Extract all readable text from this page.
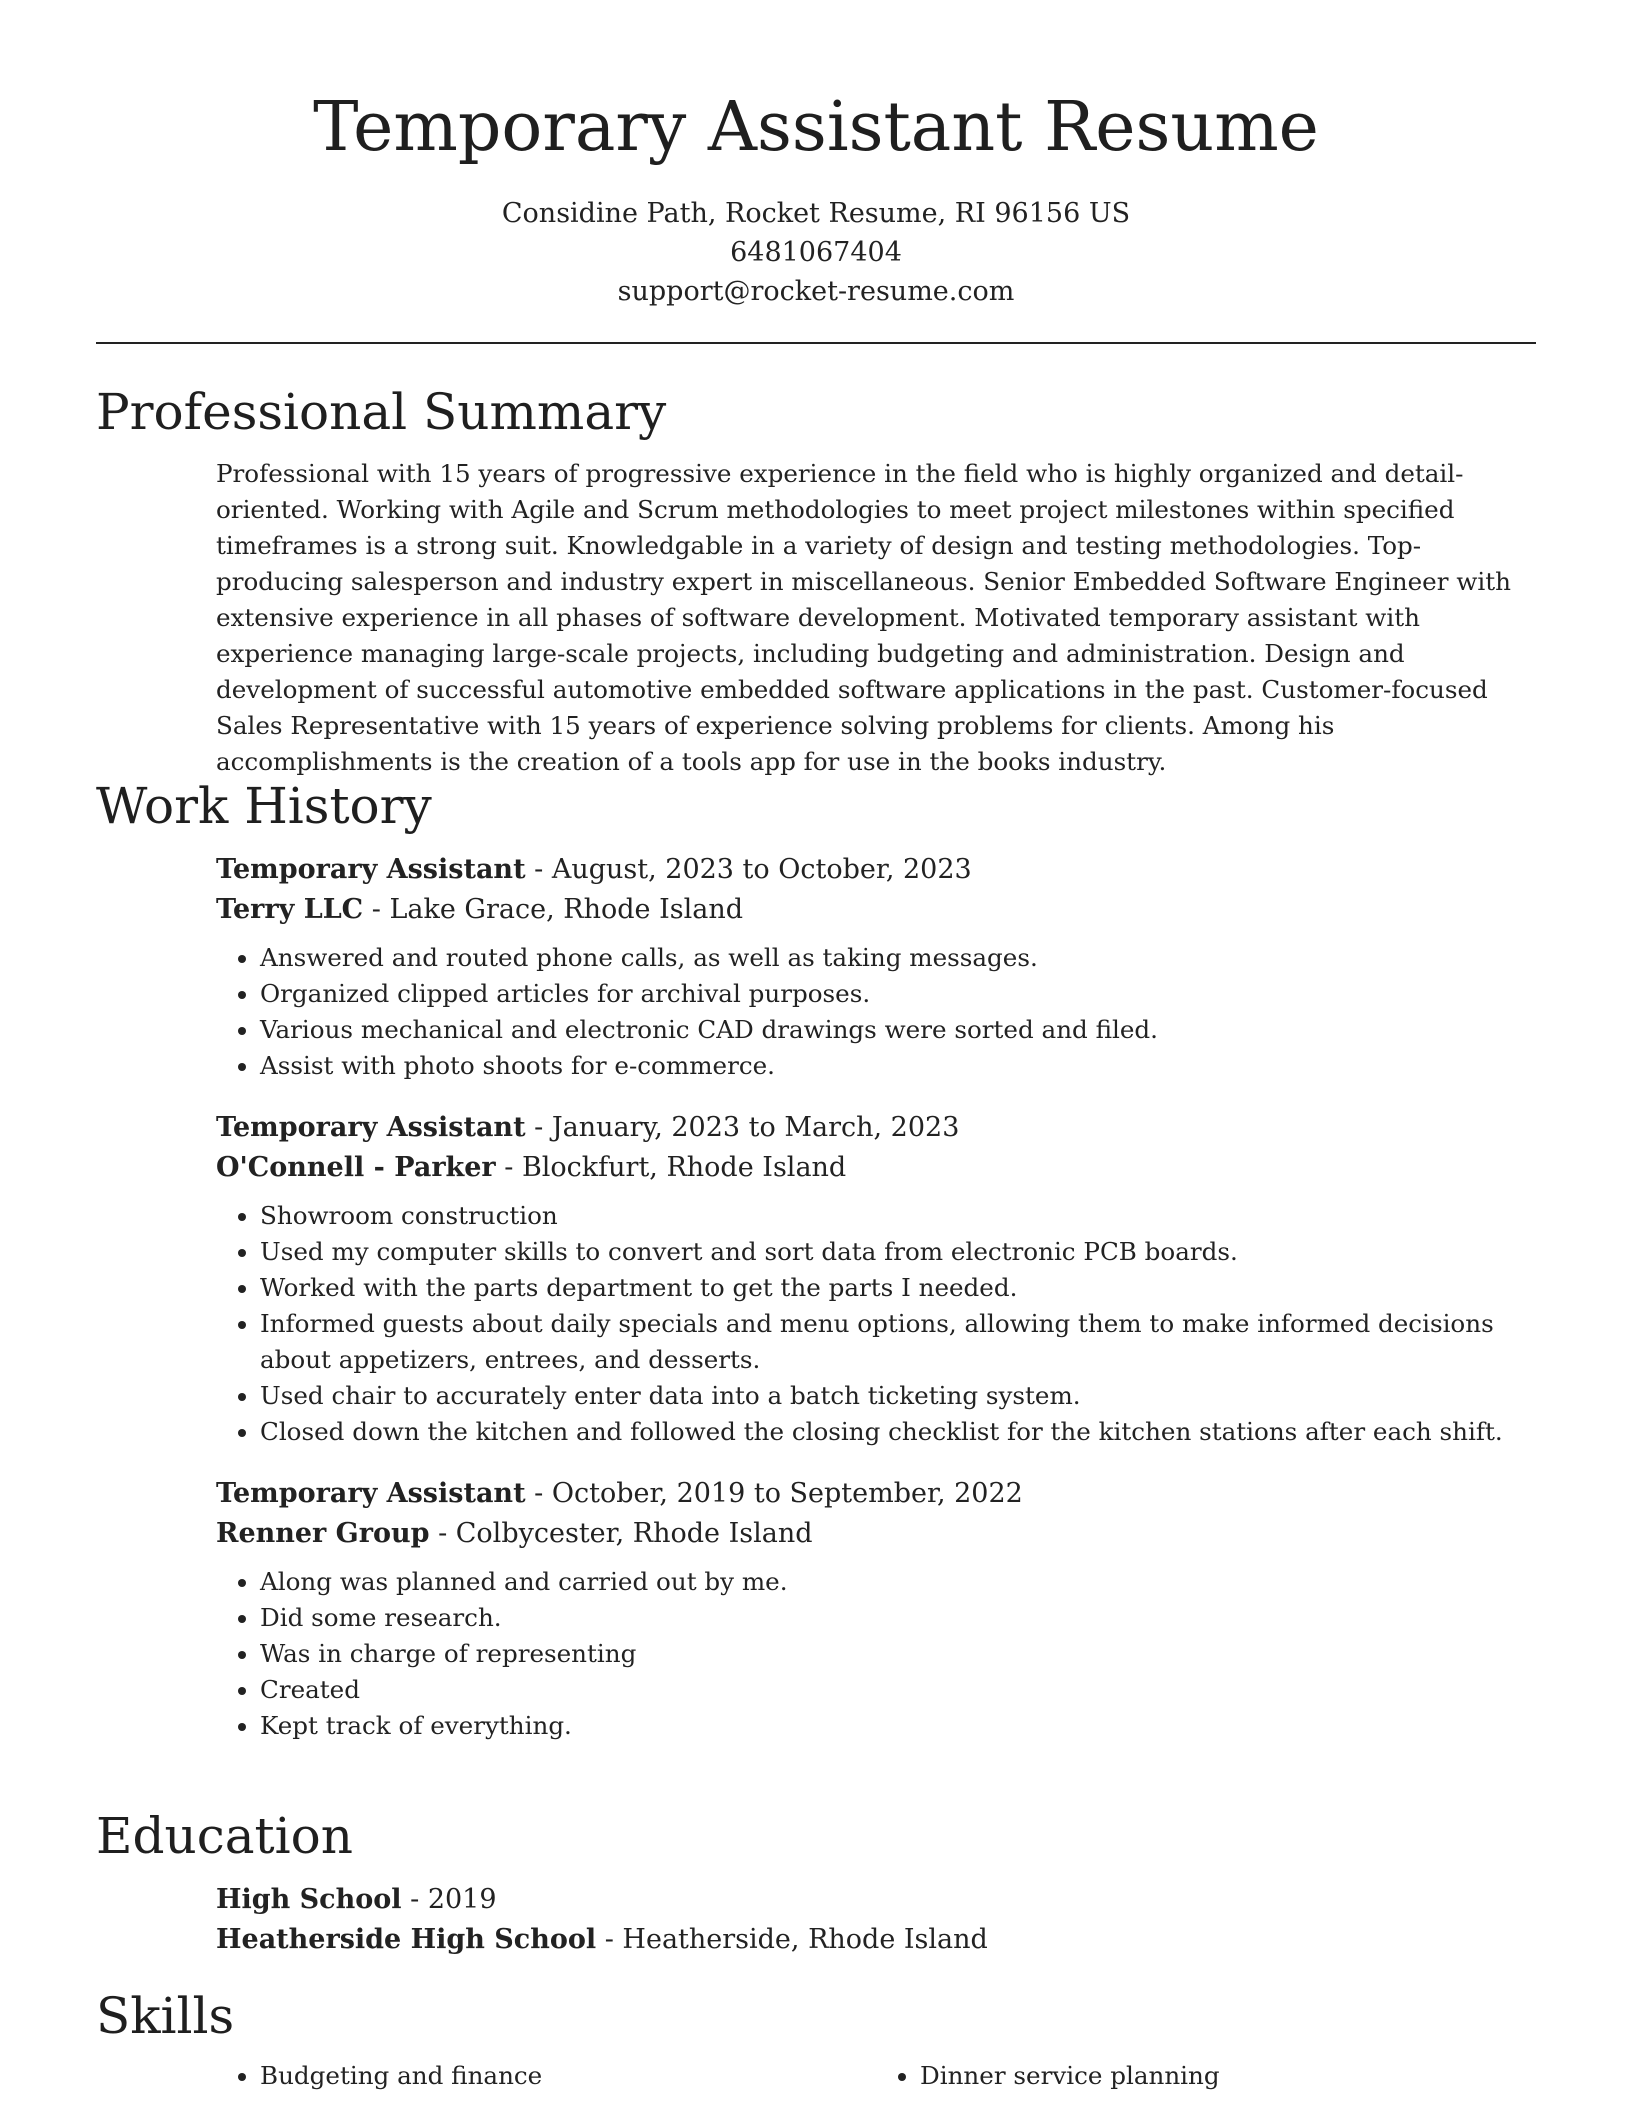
Temporary Assistant Resume
Considine Path, Rocket Resume, RI 96156 US
6481067404
support@rocket-resume.com
Professional Summary
Professional with 15 years of progressive experience in the field who is highly organized and detail-oriented. Working with Agile and Scrum methodologies to meet project milestones within specified timeframes is a strong suit. Knowledgable in a variety of design and testing methodologies. Top-producing salesperson and industry expert in miscellaneous. Senior Embedded Software Engineer with extensive experience in all phases of software development. Motivated temporary assistant with experience managing large-scale projects, including budgeting and administration. Design and development of successful automotive embedded software applications in the past. Customer-focused Sales Representative with 15 years of experience solving problems for clients. Among his accomplishments is the creation of a tools app for use in the books industry.
Work History
Temporary Assistant - August, 2023 to October, 2023
Terry LLC - Lake Grace, Rhode Island
• Answered and routed phone calls, as well as taking messages.
• Organized clipped articles for archival purposes.
• Various mechanical and electronic CAD drawings were sorted and filed.
• Assist with photo shoots for e-commerce.
Temporary Assistant - January, 2023 to March, 2023
O'Connell - Parker - Blockfurt, Rhode Island
• Showroom construction
• Used my computer skills to convert and sort data from electronic PCB boards.
• Worked with the parts department to get the parts I needed.
• Informed guests about daily specials and menu options, allowing them to make informed decisions about appetizers, entrees, and desserts.
• Used chair to accurately enter data into a batch ticketing system.
• Closed down the kitchen and followed the closing checklist for the kitchen stations after each shift.
Temporary Assistant - October, 2019 to September, 2022
Renner Group - Colbycester, Rhode Island
• Along was planned and carried out by me.
• Did some research.
• Was in charge of representing
• Created
• Kept track of everything.
Education
High School - 2019
Heatherside High School - Heatherside, Rhode Island
Skills
• Budgeting and finance
•	Dinner service planning
